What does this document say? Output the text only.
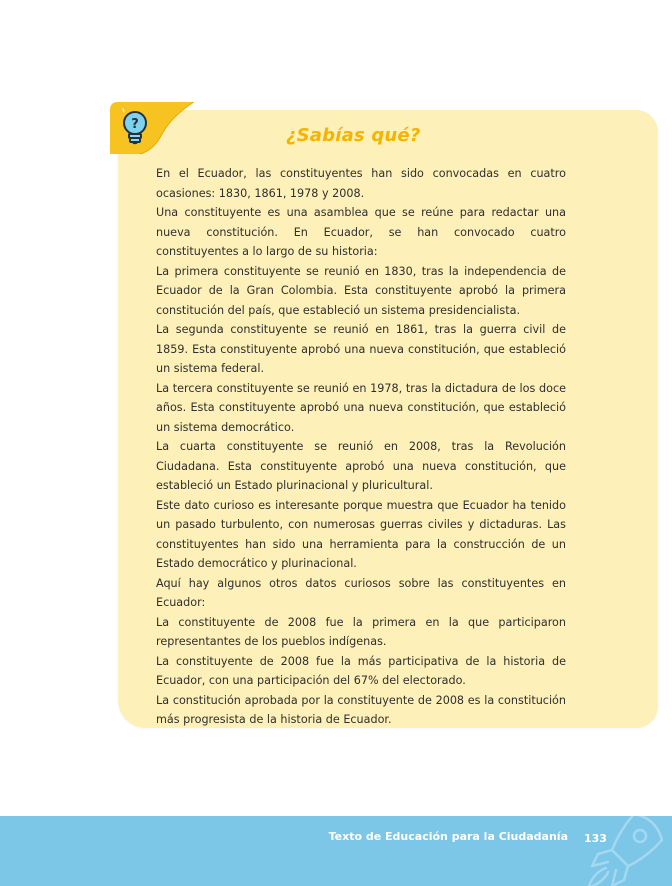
?
¿Sabías qué?

En el Ecuador, las constituyentes han sido convocadas en cuatro ocasiones: 1830, 1861, 1978 y 2008.

Una constituyente es una asamblea que se reúne para redactar una nueva constitución. En Ecuador, se han convocado cuatro constituyentes a lo largo de su historia:

La primera constituyente se reunió en 1830, tras la independencia de Ecuador de la Gran Colombia. Esta constituyente aprobó la primera constitución del país, que estableció un sistema presidencialista.

La segunda constituyente se reunió en 1861, tras la guerra civil de 1859. Esta constituyente aprobó una nueva constitución, que estableció un sistema federal.

La tercera constituyente se reunió en 1978, tras la dictadura de los doce años. Esta constituyente aprobó una nueva constitución, que estableció un sistema democrático.

La cuarta constituyente se reunió en 2008, tras la Revolución Ciudadana. Esta constituyente aprobó una nueva constitución, que estableció un Estado plurinacional y pluricultural.

Este dato curioso es interesante porque muestra que Ecuador ha tenido un pasado turbulento, con numerosas guerras civiles y dictaduras. Las constituyentes han sido una herramienta para la construcción de un Estado democrático y plurinacional.

Aquí hay algunos otros datos curiosos sobre las constituyentes en Ecuador:

La constituyente de 2008 fue la primera en la que participaron representantes de los pueblos indígenas.

La constituyente de 2008 fue la más participativa de la historia de Ecuador, con una participación del 67% del electorado.

La constitución aprobada por la constituyente de 2008 es la constitución más progresista de la historia de Ecuador.

Texto de Educación para la Ciudadanía 133
